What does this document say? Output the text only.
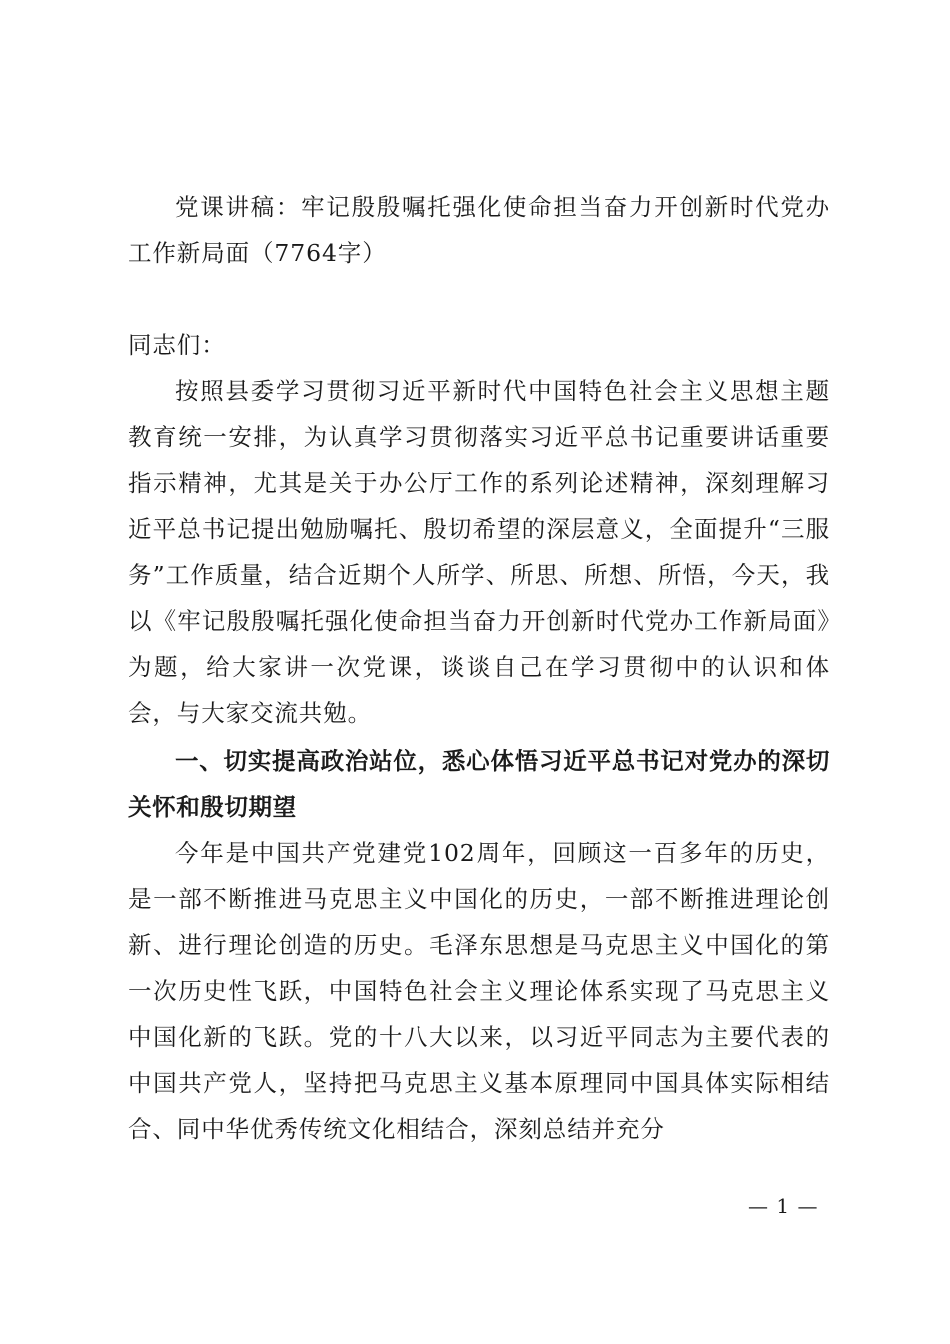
党课讲稿：牢记殷殷嘱托强化使命担当奋力开创新时代党办工作新局面（7764字）
同志们：
按照县委学习贯彻习近平新时代中国特色社会主义思想主题教育统一安排，为认真学习贯彻落实习近平总书记重要讲话重要指示精神，尤其是关于办公厅工作的系列论述精神，深刻理解习近平总书记提出勉励嘱托、殷切希望的深层意义，全面提升“三服务”工作质量，结合近期个人所学、所思、所想、所悟，今天，我以《牢记殷殷嘱托强化使命担当奋力开创新时代党办工作新局面》为题，给大家讲一次党课，谈谈自己在学习贯彻中的认识和体会，与大家交流共勉。
一、切实提高政治站位，悉心体悟习近平总书记对党办的深切关怀和殷切期望
今年是中国共产党建党102周年，回顾这一百多年的历史，是一部不断推进马克思主义中国化的历史，一部不断推进理论创新、进行理论创造的历史。毛泽东思想是马克思主义中国化的第一次历史性飞跃，中国特色社会主义理论体系实现了马克思主义中国化新的飞跃。党的十八大以来，以习近平同志为主要代表的中国共产党人，坚持把马克思主义基本原理同中国具体实际相结合、同中华优秀传统文化相结合，深刻总结并充分
— 1 —
